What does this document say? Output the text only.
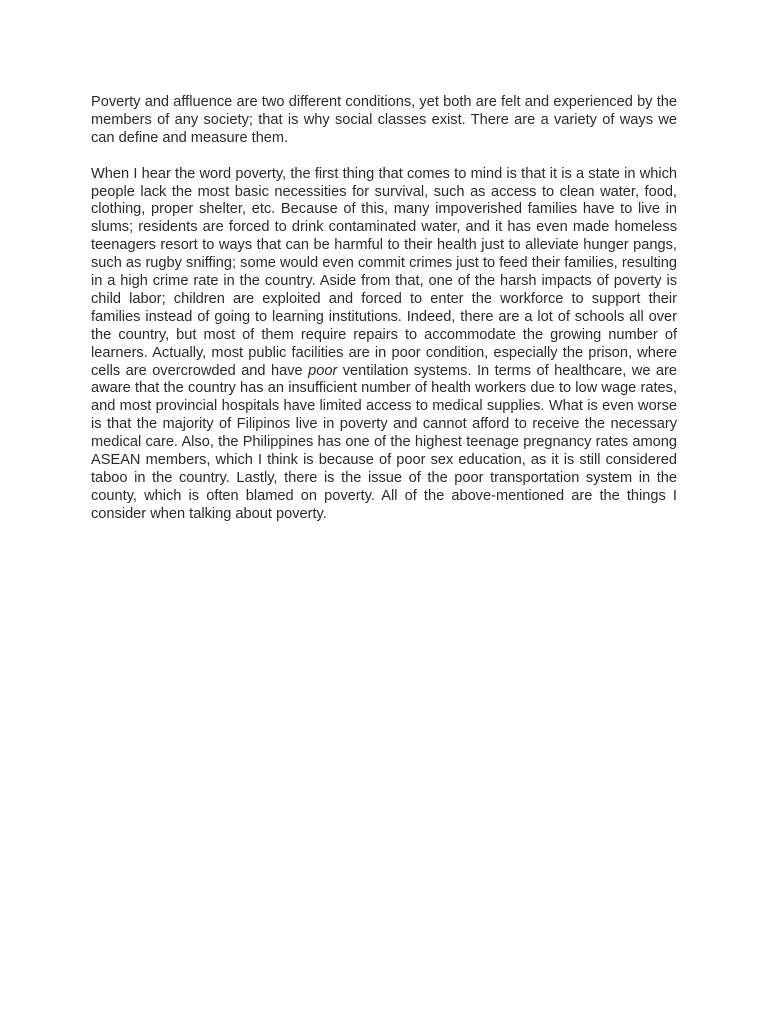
Poverty and affluence are two different conditions, yet both are felt and experienced by the members of any society; that is why social classes exist. There are a variety of ways we can define and measure them.

When I hear the word poverty, the first thing that comes to mind is that it is a state in which people lack the most basic necessities for survival, such as access to clean water, food, clothing, proper shelter, etc. Because of this, many impoverished families have to live in slums; residents are forced to drink contaminated water, and it has even made homeless teenagers resort to ways that can be harmful to their health just to alleviate hunger pangs, such as rugby sniffing; some would even commit crimes just to feed their families, resulting in a high crime rate in the country. Aside from that, one of the harsh impacts of poverty is child labor; children are exploited and forced to enter the workforce to support their families instead of going to learning institutions. Indeed, there are a lot of schools all over the country, but most of them require repairs to accommodate the growing number of learners. Actually, most public facilities are in poor condition, especially the prison, where cells are overcrowded and have poor ventilation systems. In terms of healthcare, we are aware that the country has an insufficient number of health workers due to low wage rates, and most provincial hospitals have limited access to medical supplies. What is even worse is that the majority of Filipinos live in poverty and cannot afford to receive the necessary medical care. Also, the Philippines has one of the highest teenage pregnancy rates among ASEAN members, which I think is because of poor sex education, as it is still considered taboo in the country. Lastly, there is the issue of the poor transportation system in the county, which is often blamed on poverty. All of the above-mentioned are the things I consider when talking about poverty.
